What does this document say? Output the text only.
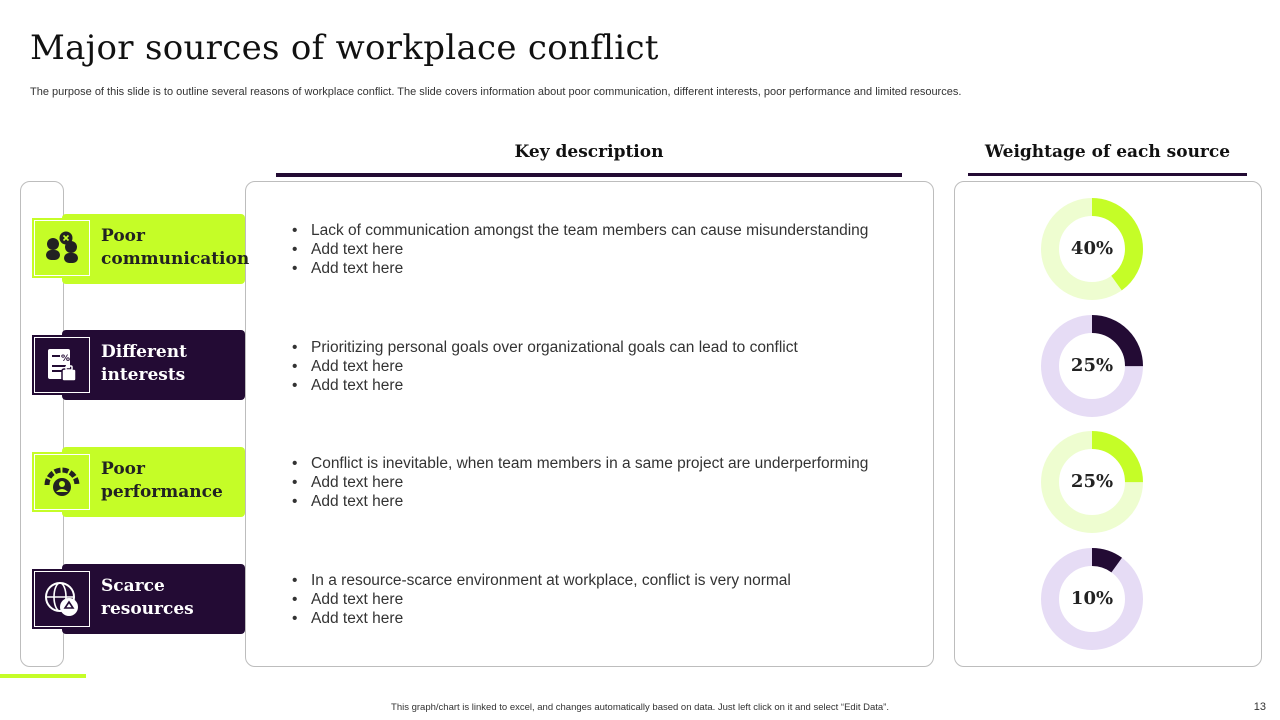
Major sources of workplace conflict
The purpose of this slide is to outline several reasons of workplace conflict. The slide covers information about poor communication, different interests, poor performance and limited resources.
Key description	Weightage of each source
Poor
communication
• Lack of communication amongst the team members can cause misunderstanding
• Add text here
• Add text here
Different
interests
%
• Prioritizing personal goals over organizational goals can lead to conflict
• Add text here
• Add text here
Poor
performance
• Conflict is inevitable, when team members in a same project are underperforming
• Add text here
• Add text here
Scarce
resources
• In a resource-scarce environment at workplace, conflict is very normal
• Add text here
• Add text here
40%
25%
25%
10%
This graph/chart is linked to excel, and changes automatically based on data. Just left click on it and select “Edit Data”.	13
